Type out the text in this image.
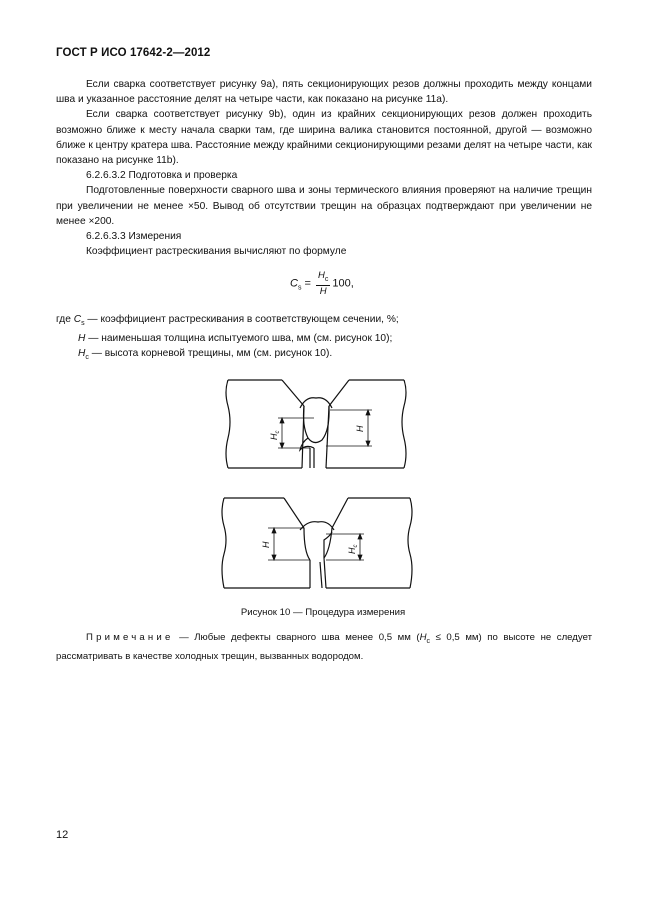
ГОСТ Р ИСО 17642-2—2012

Если сварка соответствует рисунку 9а), пять секционирующих резов должны проходить между концами шва и указанное расстояние делят на четыре части, как показано на рисунке 11а).

Если сварка соответствует рисунку 9b), один из крайних секционирующих резов должен проходить возможно ближе к месту начала сварки там, где ширина валика становится постоянной, другой — возможно ближе к центру кратера шва. Расстояние между крайними секционирующими резами делят на четыре части, как показано на рисунке 11b).

6.2.6.3.2 Подготовка и проверка

Подготовленные поверхности сварного шва и зоны термического влияния проверяют на наличие трещин при увеличении не менее ×50. Вывод об отсутствии трещин на образцах подтверждают при увеличении не менее ×200.

6.2.6.3.3 Измерения

Коэффициент растрескивания вычисляют по формуле

$C_s = \frac{H_c}{H} 100$,
где $C_s$ — коэффициент растрескивания в соответствующем сечении, %;
H — наименьшая толщина испытуемого шва, мм (см. рисунок 10);
$H_c$ — высота корневой трещины, мм (см. рисунок 10).
$H_c$	H
H
$H_c$
Рисунок 10 — Процедура измерения

Примечание — Любые дефекты сварного шва менее 0,5 мм ($H_c \le 0,5$ мм) по высоте не следует рассматривать в качестве холодных трещин, вызванных водородом.

12
